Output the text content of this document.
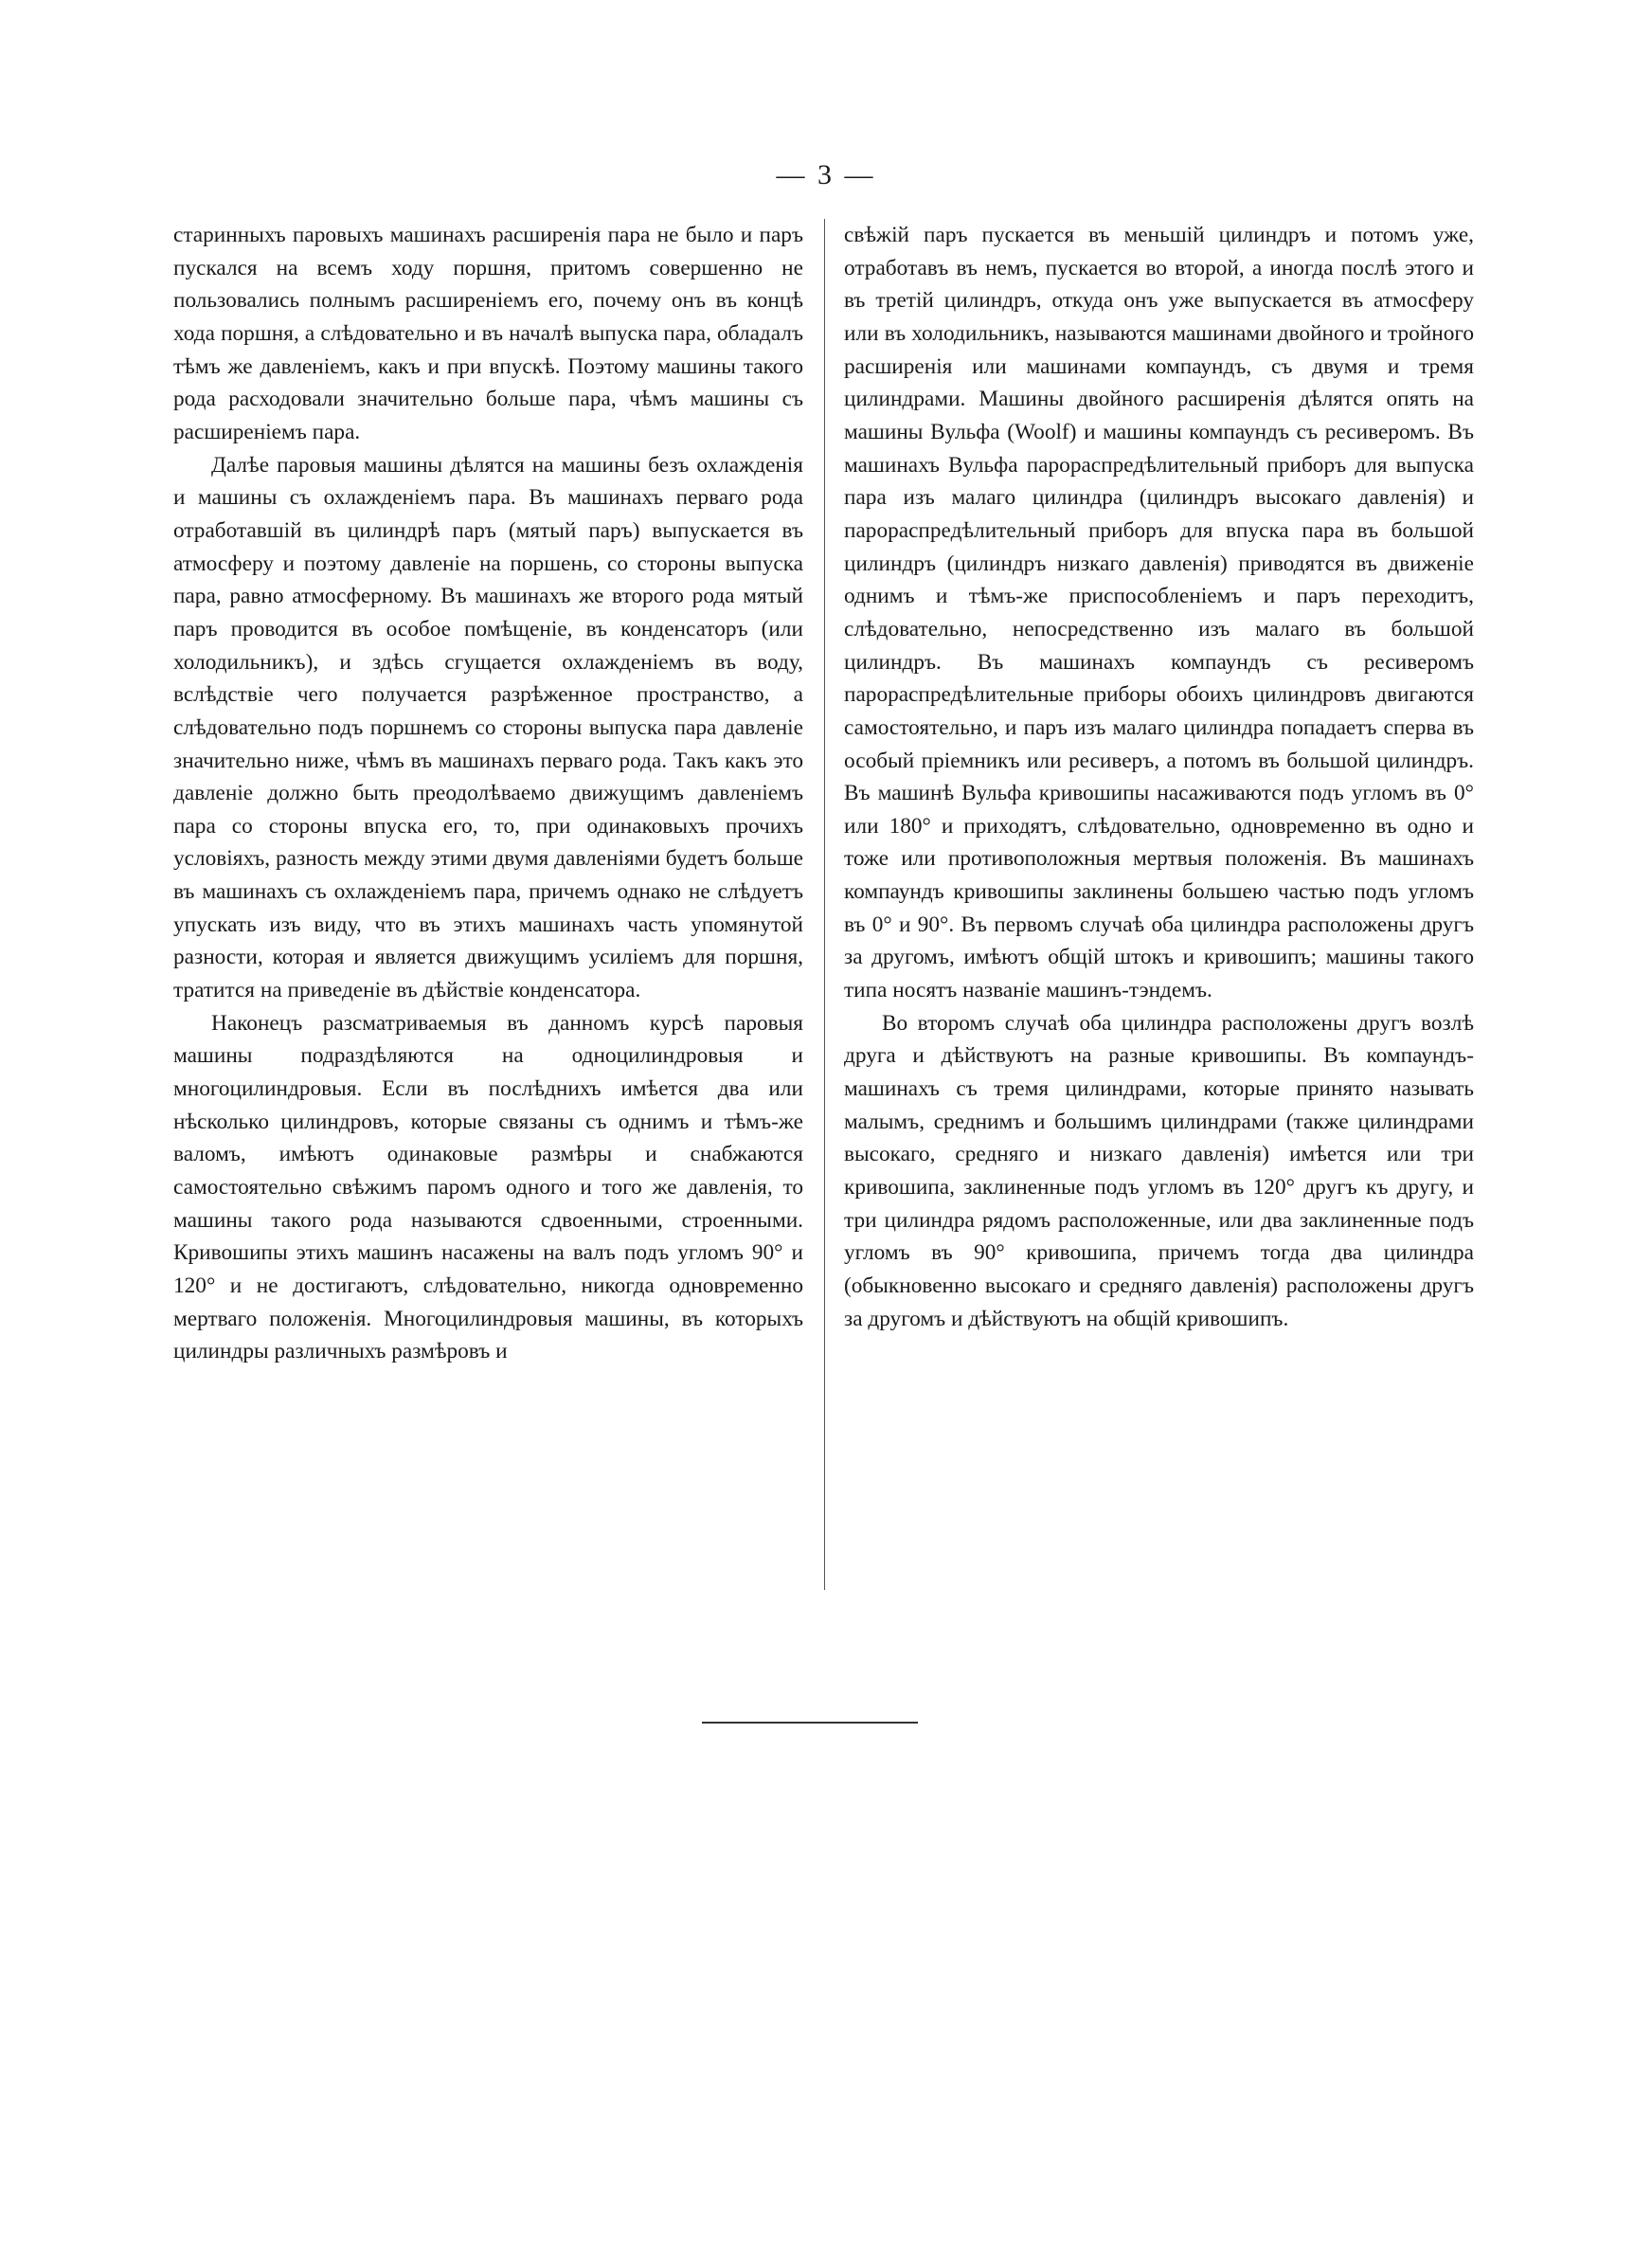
— 3 —

старинныхъ паровыхъ машинахъ расширенія пара не было и паръ пускался на всемъ ходу поршня, притомъ совершенно не пользовались полнымъ расширеніемъ его, почему онъ въ концѣ хода поршня, а слѣдовательно и въ началѣ выпуска пара, обладалъ тѣмъ же давленіемъ, какъ и при впускѣ. Поэтому машины такого рода расходовали значительно больше пара, чѣмъ машины съ расширеніемъ пара.

Далѣе паровыя машины дѣлятся на машины безъ охлажденія и машины съ охлажденіемъ пара. Въ машинахъ перваго рода отработавшій въ цилиндрѣ паръ (мятый паръ) выпускается въ атмосферу и поэтому давленіе на поршень, со стороны выпуска пара, равно атмосферному. Въ машинахъ же второго рода мятый паръ проводится въ особое помѣщеніе, въ конденсаторъ (или холодильникъ), и здѣсь сгущается охлажденіемъ въ воду, вслѣдствіе чего получается разрѣженное пространство, а слѣдовательно подъ поршнемъ со стороны выпуска пара давленіе значительно ниже, чѣмъ въ машинахъ перваго рода. Такъ какъ это давленіе должно быть преодолѣваемо движущимъ давленіемъ пара со стороны впуска его, то, при одинаковыхъ прочихъ условіяхъ, разность между этими двумя давленіями будетъ больше въ машинахъ съ охлажденіемъ пара, причемъ однако не слѣдуетъ упускать изъ виду, что въ этихъ машинахъ часть упомянутой разности, которая и является движущимъ усиліемъ для поршня, тратится на приведеніе въ дѣйствіе конденсатора.

Наконецъ разсматриваемыя въ данномъ курсѣ паровыя машины подраздѣляются на одноцилиндровыя и многоцилиндровыя. Если въ послѣднихъ имѣется два или нѣсколько цилиндровъ, которые связаны съ однимъ и тѣмъ-же валомъ, имѣютъ одинаковые размѣры и снабжаются самостоятельно свѣжимъ паромъ одного и того же давленія, то машины такого рода называются сдвоенными, строенными. Кривошипы этихъ машинъ насажены на валъ подъ угломъ 90° и 120° и не достигаютъ, слѣдовательно, никогда одновременно мертваго положенія. Многоцилиндровыя машины, въ которыхъ цилиндры различныхъ размѣровъ и

свѣжій паръ пускается въ меньшій цилиндръ и потомъ уже, отработавъ въ немъ, пускается во второй, а иногда послѣ этого и въ третій цилиндръ, откуда онъ уже выпускается въ атмосферу или въ холодильникъ, называются машинами двойного и тройного расширенія или машинами компаундъ, съ двумя и тремя цилиндрами. Машины двойного расширенія дѣлятся опять на машины Вульфа (Woolf) и машины компаундъ съ ресиверомъ. Въ машинахъ Вульфа парораспредѣлительный приборъ для выпуска пара изъ малаго цилиндра (цилиндръ высокаго давленія) и парораспредѣлительный приборъ для впуска пара въ большой цилиндръ (цилиндръ низкаго давленія) приводятся въ движеніе однимъ и тѣмъ-же приспособленіемъ и паръ переходитъ, слѣдовательно, непосредственно изъ малаго въ большой цилиндръ. Въ машинахъ компаундъ съ ресиверомъ парораспредѣлительные приборы обоихъ цилиндровъ двигаются самостоятельно, и паръ изъ малаго цилиндра попадаетъ сперва въ особый пріемникъ или ресиверъ, а потомъ въ большой цилиндръ. Въ машинѣ Вульфа кривошипы насаживаются подъ угломъ въ 0° или 180° и приходятъ, слѣдовательно, одновременно въ одно и тоже или противоположныя мертвыя положенія. Въ машинахъ компаундъ кривошипы заклинены большею частью подъ угломъ въ 0° и 90°. Въ первомъ случаѣ оба цилиндра расположены другъ за другомъ, имѣютъ общій штокъ и кривошипъ; машины такого типа носятъ названіе машинъ-тэндемъ.

Во второмъ случаѣ оба цилиндра расположены другъ возлѣ друга и дѣйствуютъ на разные кривошипы. Въ компаундъ-машинахъ съ тремя цилиндрами, которые принято называть малымъ, среднимъ и большимъ цилиндрами (также цилиндрами высокаго, средняго и низкаго давленія) имѣется или три кривошипа, заклиненные подъ угломъ въ 120° другъ къ другу, и три цилиндра рядомъ расположенные, или два заклиненные подъ угломъ въ 90° кривошипа, причемъ тогда два цилиндра (обыкновенно высокаго и средняго давленія) расположены другъ за другомъ и дѣйствуютъ на общій кривошипъ.
